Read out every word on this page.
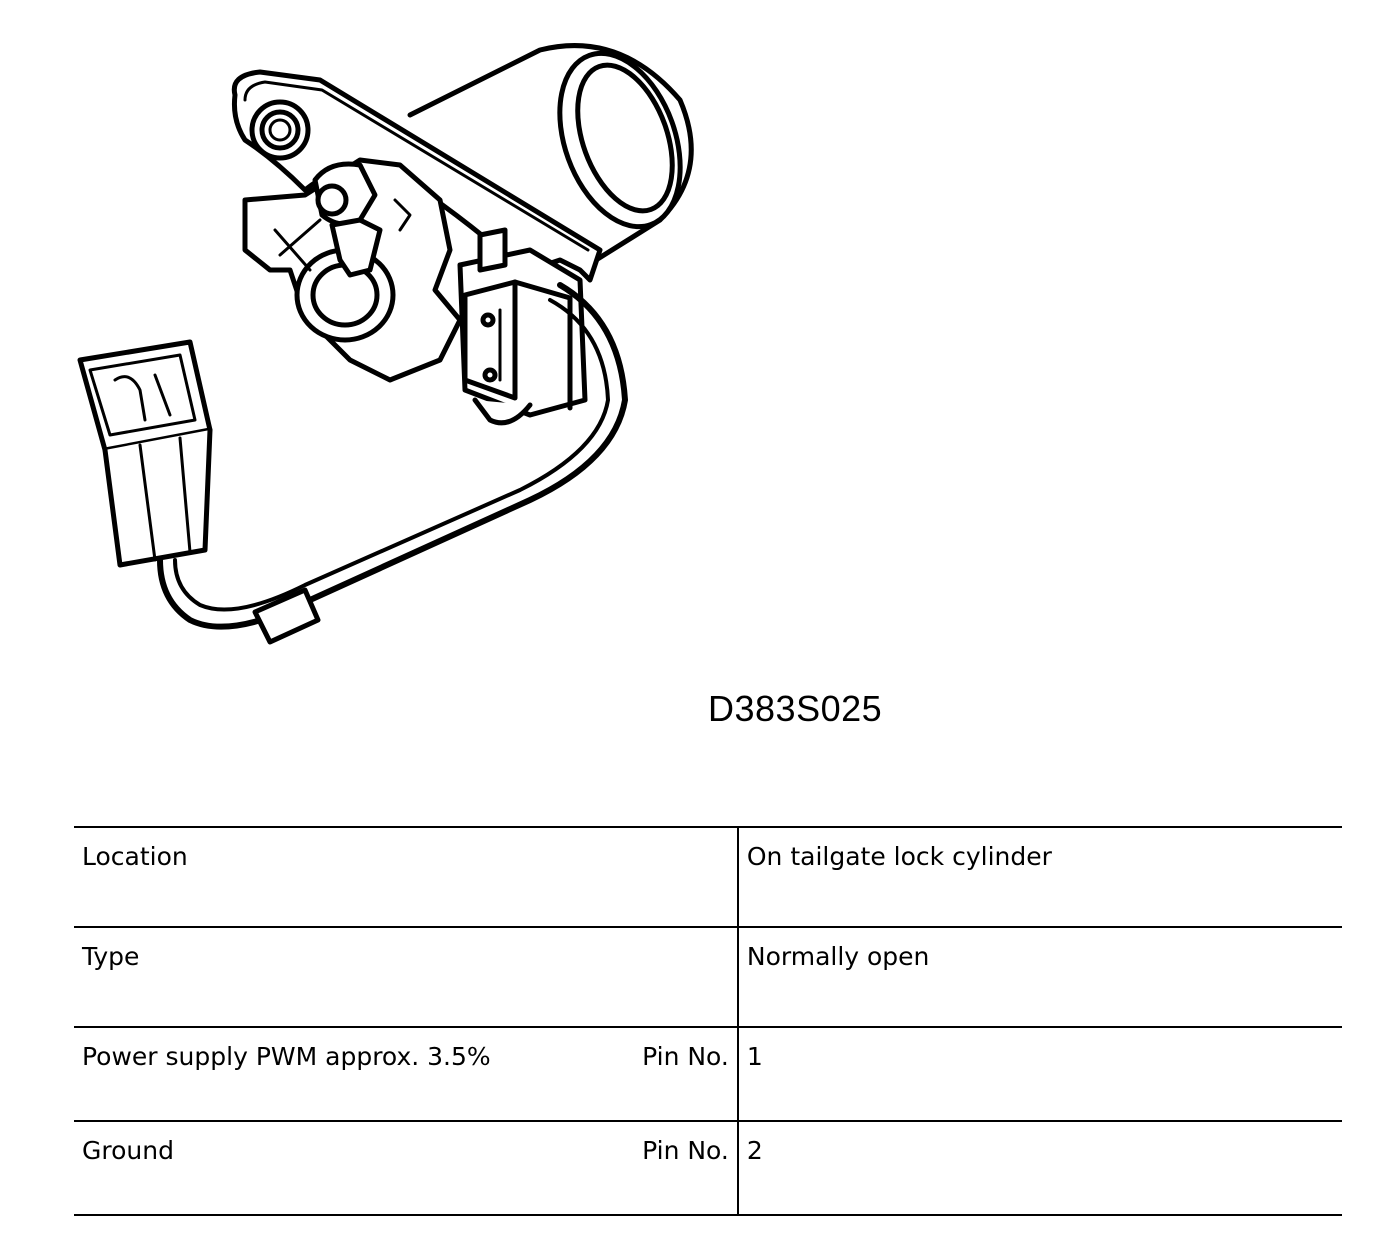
D383S025
Location	On tailgate lock cylinder

Type	Normally open

Power supply PWM approx. 3.5% Pin No.	1

Ground Pin No.	2
